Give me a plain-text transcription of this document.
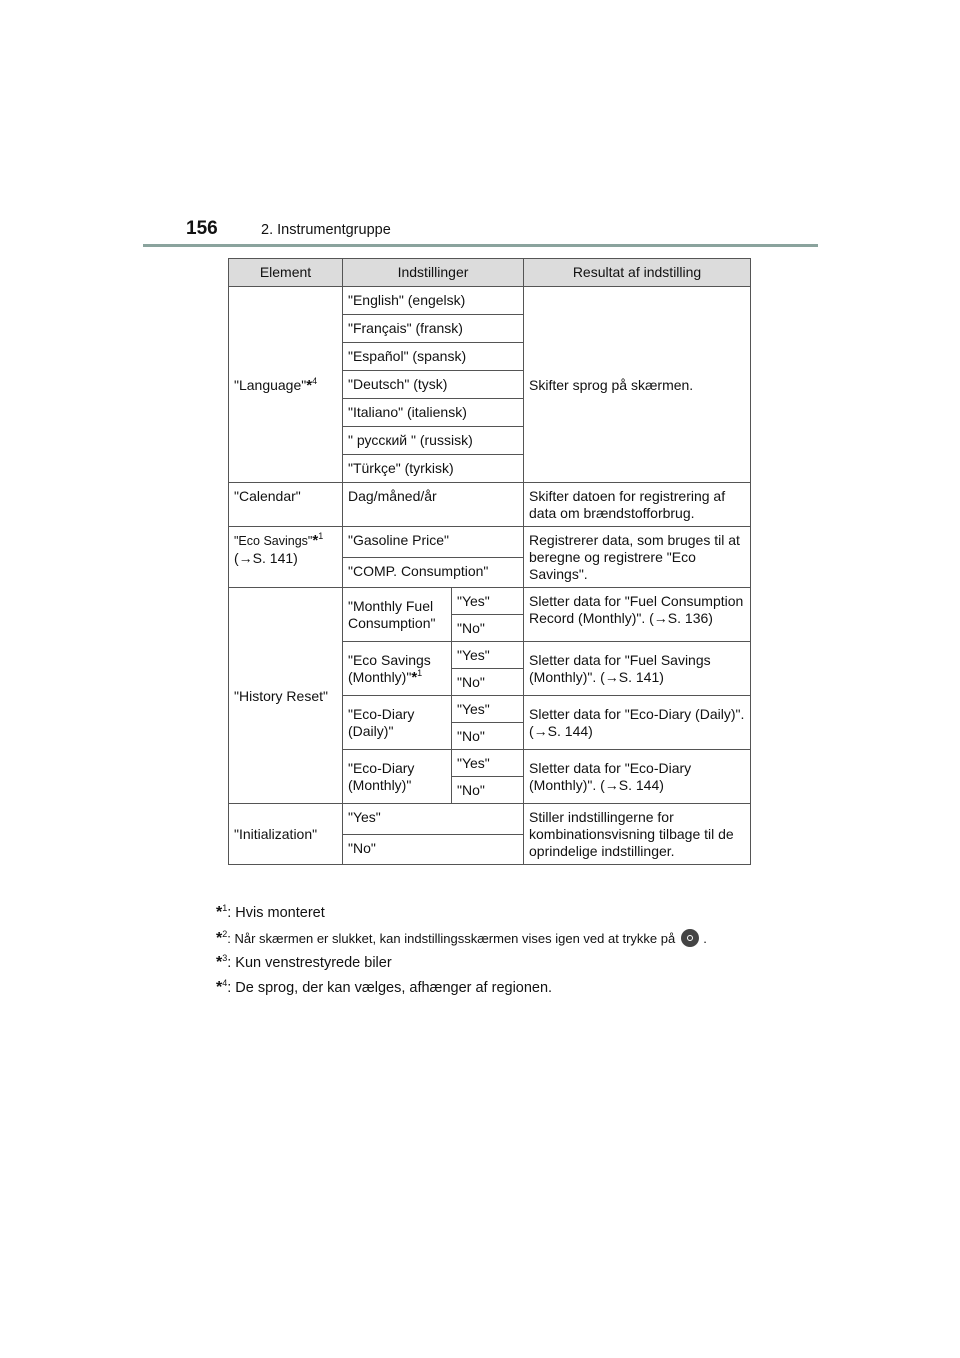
156	2. Instrumentgruppe
Element	Indstillinger		Resultat af indstilling
"Language"*$^4$	"English" (engelsk)		Skifter sprog på skærmen.
	"Français" (fransk)		
	"Español" (spansk)		
	"Deutsch" (tysk)		
	"Italiano" (italiensk)		
	" русский " (russisk)		
	"Türkçe" (tyrkisk)		
"Calendar"	Dag/måned/år		Skifter datoen for registrering af data om brændstofforbrug.
"Eco Savings"*$^1$
(→S. 141)	"Gasoline Price"		Registrerer data, som bruges til at beregne og registrere "Eco Savings".
	"COMP. Consumption"		
"History Reset"	"Monthly Fuel Consumption"	"Yes"	Sletter data for "Fuel Consumption Record (Monthly)". (→S. 136)
		"No"	
	"Eco Savings (Monthly)"*$^1$	"Yes"	Sletter data for "Fuel Savings (Monthly)". (→S. 141)
		"No"	
	"Eco-Diary (Daily)"	"Yes"	Sletter data for "Eco-Diary (Daily)". (→S. 144)
		"No"	
	"Eco-Diary (Monthly)"	"Yes"	Sletter data for "Eco-Diary (Monthly)". (→S. 144)
		"No"	
"Initialization"	"Yes"		Stiller indstillingerne for kombinationsvisning tilbage til de oprindelige indstillinger.
	"No"		
*$^1$: Hvis monteret
*$^2$: Når skærmen er slukket, kan indstillingsskærmen vises igen ved at trykke på .
*$^3$: Kun venstrestyrede biler
*$^4$: De sprog, der kan vælges, afhænger af regionen.
